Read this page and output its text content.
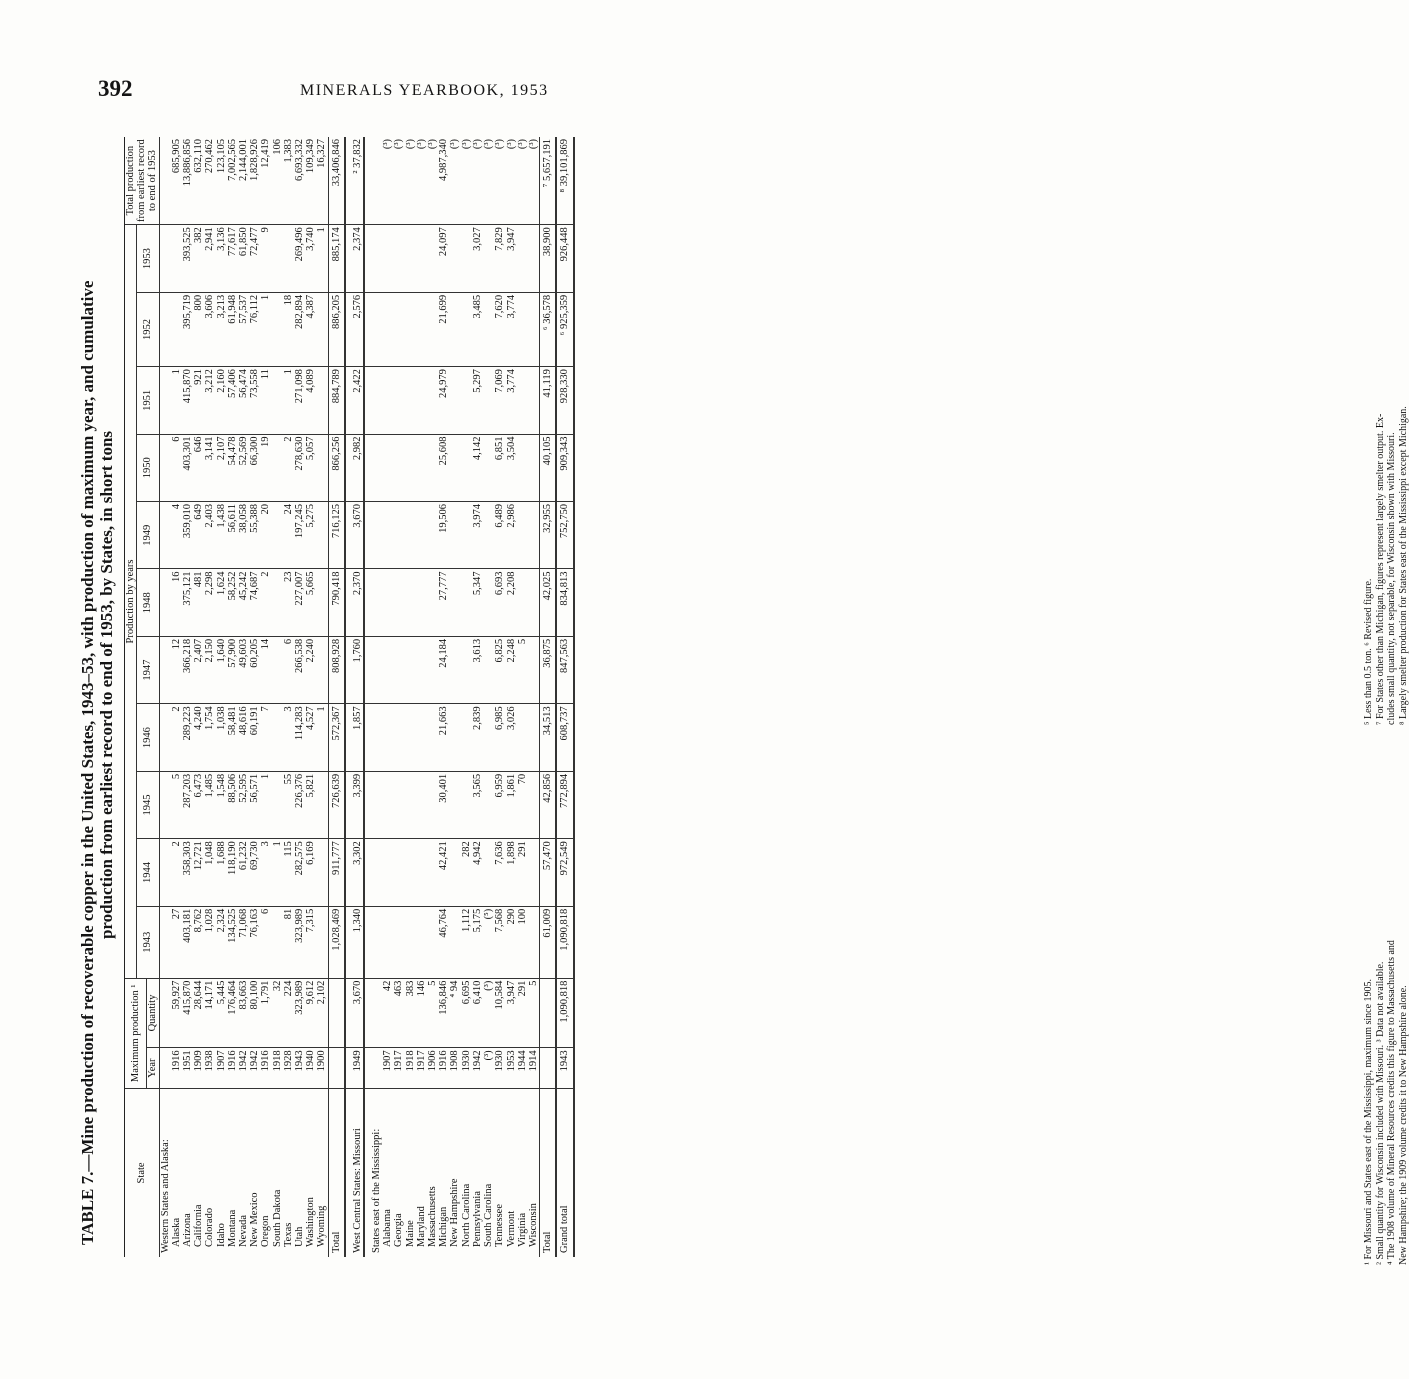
392	MINERALS YEARBOOK, 1953
TABLE 7.—Mine production of recoverable copper in the United States, 1943–53, with production of maximum year, and cumulative production from earliest record to end of 1953, by States, in short tons
State	Maximum production ¹		Production by years											Total production from earliest record to end of 1953
			1943	1944	1945	1946	1947	1948	1949	1950	1951	1952	1953	
	Year	Quantity												
Western States and Alaska:														
Alaska	1916	59,927	27	2	5	2	12	16	4	6	1			685,905
Arizona	1951	415,870	403,181	358,303	287,203	289,223	366,218	375,121	359,010	403,301	415,870	395,719	393,525	13,886,856
California	1909	28,644	8,762	12,721	6,473	4,240	2,407	481	649	646	921	800	382	632,110
Colorado	1938	14,171	1,028	1,048	1,485	1,754	2,150	2,298	2,403	3,141	3,212	3,606	2,941	270,462
Idaho	1907	5,445	2,324	1,688	1,548	1,038	1,640	1,624	1,438	2,107	2,160	3,213	3,136	123,105
Montana	1916	176,464	134,525	118,190	88,506	58,481	57,900	58,252	56,611	54,478	57,406	61,948	77,617	7,002,565
Nevada	1942	83,663	71,068	61,232	52,595	48,616	49,603	45,242	38,058	52,569	56,474	57,537	61,850	2,144,001
New Mexico	1942	80,100	76,163	69,730	56,571	60,191	60,205	74,687	55,388	66,300	73,558	76,112	72,477	1,828,926
Oregon	1916	1,791	6	3	1	7	14	2	20	19	11	1	9	12,419
South Dakota	1918	32		1										106
Texas	1928	224	81	115	55	3	6	23	24	2	1	18		1,383
Utah	1943	323,989	323,989	282,575	226,376	114,283	266,538	227,007	197,245	278,630	271,098	282,894	269,496	6,693,332
Washington	1940	9,612	7,315	6,169	5,821	4,527	2,240	5,665	5,275	5,057	4,089	4,387	3,740	109,349
Wyoming	1900	2,102				1							1	16,327
Total			1,028,469	911,777	726,639	572,367	808,928	790,418	716,125	866,256	884,789	886,205	885,174	33,406,846

West Central States: Missouri	1949	3,670	1,340	3,302	3,399	1,857	1,760	2,370	3,670	2,982	2,422	2,576	2,374	² 37,832

States east of the Mississippi:														
Alabama	1907	42												(³)
Georgia	1917	463												(³)
Maine	1918	383												(³)
Maryland	1917	146												(³)
Massachusetts	1906	5												(³)
Michigan	1916	136,846	46,764	42,421	30,401	21,663	24,184	27,777	19,506	25,608	24,979	21,699	24,097	4,987,340
New Hampshire	1908	⁴ 94												(³)
North Carolina	1930	6,695	1,112	282										(³)
Pennsylvania	1942	6,410	5,175	4,942	3,565	2,839	3,613	5,347	3,974	4,142	5,297	3,485	3,027	(³)
South Carolina	(³)	(³)	(⁵)											(³)
Tennessee	1930	10,584	7,568	7,636	6,959	6,985	6,825	6,693	6,489	6,851	7,069	7,620	7,829	(³)
Vermont	1953	3,947	290	1,898	1,861	3,026	2,248	2,208	2,986	3,504	3,774	3,774	3,947	(³)
Virginia	1944	291	100	291	70		5							(³)
Wisconsin	1914	5												(³)
Total			61,009	57,470	42,856	34,513	36,875	42,025	32,955	40,105	41,119	⁶ 36,578	38,900	⁷ 5,657,191
Grand total	1943	1,090,818	1,090,818	972,549	772,894	608,737	847,563	834,813	752,750	909,343	928,330	⁶ 925,359	926,448	⁸ 39,101,869
¹ For Missouri and States east of the Mississippi, maximum since 1905. ² Small quantity for Wisconsin included with Missouri. ³ Data not available. ⁴ The 1908 volume of Mineral Resources credits this figure to Massachusetts and New Hampshire; the 1909 volume credits it to New Hampshire alone.
⁵ Less than 0.5 ton. ⁶ Revised figure. ⁷ For States other than Michigan, figures represent largely smelter output. Ex- cludes small quantity, not separable, for Wisconsin shown with Missouri. ⁸ Largely smelter production for States east of the Mississippi except Michigan.
